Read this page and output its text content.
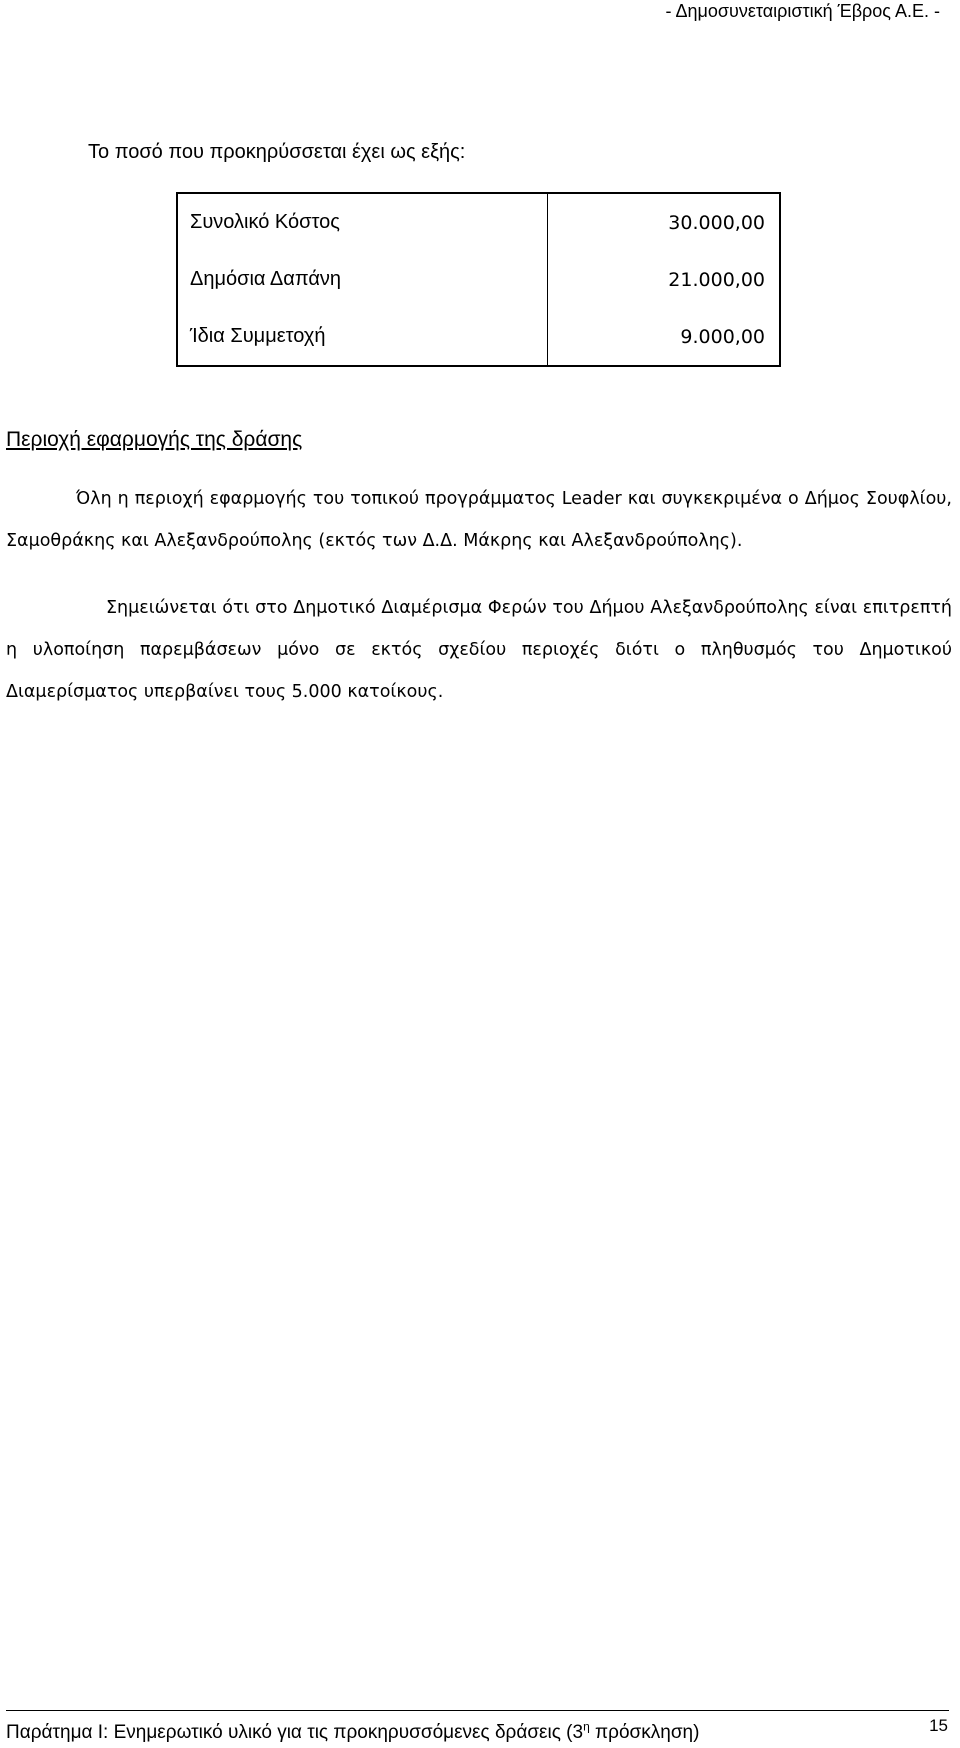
- Δημοσυνεταιριστική Έβρος Α.Ε. -
Το ποσό που προκηρύσσεται έχει ως εξής:
Συνολικό Κόστος	30.000,00
Δημόσια Δαπάνη	21.000,00
Ίδια Συμμετοχή	9.000,00
Περιοχή εφαρμογής της δράσης

Όλη η περιοχή εφαρμογής του τοπικού προγράμματος Leader και συγκεκριμένα ο Δήμος Σουφλίου, Σαμοθράκης και Αλεξανδρούπολης (εκτός των Δ.Δ. Μάκρης και Αλεξανδρούπολης).

Σημειώνεται ότι στο Δημοτικό Διαμέρισμα Φερών του Δήμου Αλεξανδρούπολης είναι επιτρεπτή η υλοποίηση παρεμβάσεων μόνο σε εκτός σχεδίου περιοχές διότι ο πληθυσμός του Δημοτικού Διαμερίσματος υπερβαίνει τους 5.000 κατοίκους.

Παράτημα Ι: Ενημερωτικό υλικό για τις προκηρυσσόμενες δράσεις ($3^\eta$ πρόσκληση)	15
